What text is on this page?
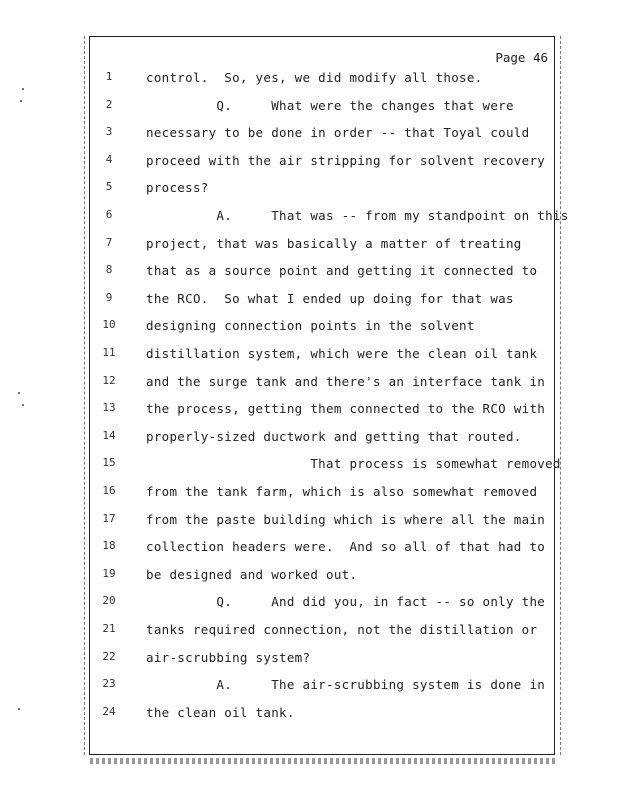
Page 46
1	control.  So, yes, we did modify all those.
2	Q.     What were the changes that were
3	necessary to be done in order -- that Toyal could
4	proceed with the air stripping for solvent recovery
5	process?
6	A.     That was -- from my standpoint on this
7	project, that was basically a matter of treating
8	that as a source point and getting it connected to
9	the RCO.  So what I ended up doing for that was
10	designing connection points in the solvent
11	distillation system, which were the clean oil tank
12	and the surge tank and there's an interface tank in
13	the process, getting them connected to the RCO with
14	properly-sized ductwork and getting that routed.
15	That process is somewhat removed
16	from the tank farm, which is also somewhat removed
17	from the paste building which is where all the main
18	collection headers were.  And so all of that had to
19	be designed and worked out.
20	Q.     And did you, in fact -- so only the
21	tanks required connection, not the distillation or
22	air-scrubbing system?
23	A.     The air-scrubbing system is done in
24	the clean oil tank.
